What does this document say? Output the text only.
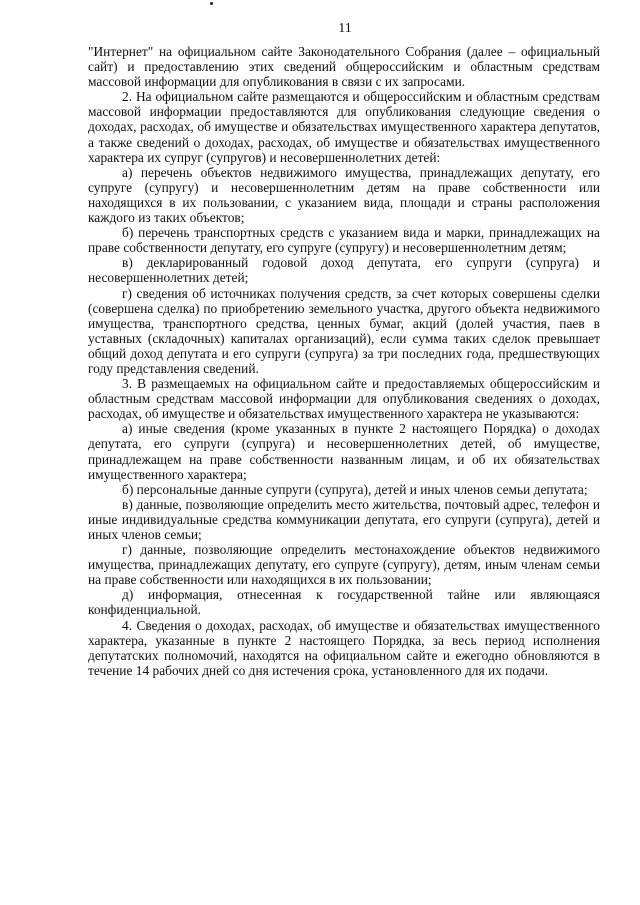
11

"Интернет" на официальном сайте Законодательного Собрания (далее – официальный сайт) и предоставлению этих сведений общероссийским и областным средствам массовой информации для опубликования в связи с их запросами.

2. На официальном сайте размещаются и общероссийским и областным средствам массовой информации предоставляются для опубликования следующие сведения о доходах, расходах, об имуществе и обязательствах имущественного характера депутатов, а также сведений о доходах, расходах, об имуществе и обязательствах имущественного характера их супруг (супругов) и несовершеннолетних детей:

а) перечень объектов недвижимого имущества, принадлежащих депутату, его супруге (супругу) и несовершеннолетним детям на праве собственности или находящихся в их пользовании, с указанием вида, площади и страны расположения каждого из таких объектов;

б) перечень транспортных средств с указанием вида и марки, принадлежащих на праве собственности депутату, его супруге (супругу) и несовершеннолетним детям;

в) декларированный годовой доход депутата, его супруги (супруга) и несовершеннолетних детей;

г) сведения об источниках получения средств, за счет которых совершены сделки (совершена сделка) по приобретению земельного участка, другого объекта недвижимого имущества, транспортного средства, ценных бумаг, акций (долей участия, паев в уставных (складочных) капиталах организаций), если сумма таких сделок превышает общий доход депутата и его супруги (супруга) за три последних года, предшествующих году представления сведений.

3. В размещаемых на официальном сайте и предоставляемых общероссийским и областным средствам массовой информации для опубликования сведениях о доходах, расходах, об имуществе и обязательствах имущественного характера не указываются:

а) иные сведения (кроме указанных в пункте 2 настоящего Порядка) о доходах депутата, его супруги (супруга) и несовершеннолетних детей, об имуществе, принадлежащем на праве собственности названным лицам, и об их обязательствах имущественного характера;

б) персональные данные супруги (супруга), детей и иных членов семьи депутата;

в) данные, позволяющие определить место жительства, почтовый адрес, телефон и иные индивидуальные средства коммуникации депутата, его супруги (супруга), детей и иных членов семьи;

г) данные, позволяющие определить местонахождение объектов недвижимого имущества, принадлежащих депутату, его супруге (супругу), детям, иным членам семьи на праве собственности или находящихся в их пользовании;

д) информация, отнесенная к государственной тайне или являющаяся конфиденциальной.

4. Сведения о доходах, расходах, об имуществе и обязательствах имущественного характера, указанные в пункте 2 настоящего Порядка, за весь период исполнения депутатских полномочий, находятся на официальном сайте и ежегодно обновляются в течение 14 рабочих дней со дня истечения срока, установленного для их подачи.
